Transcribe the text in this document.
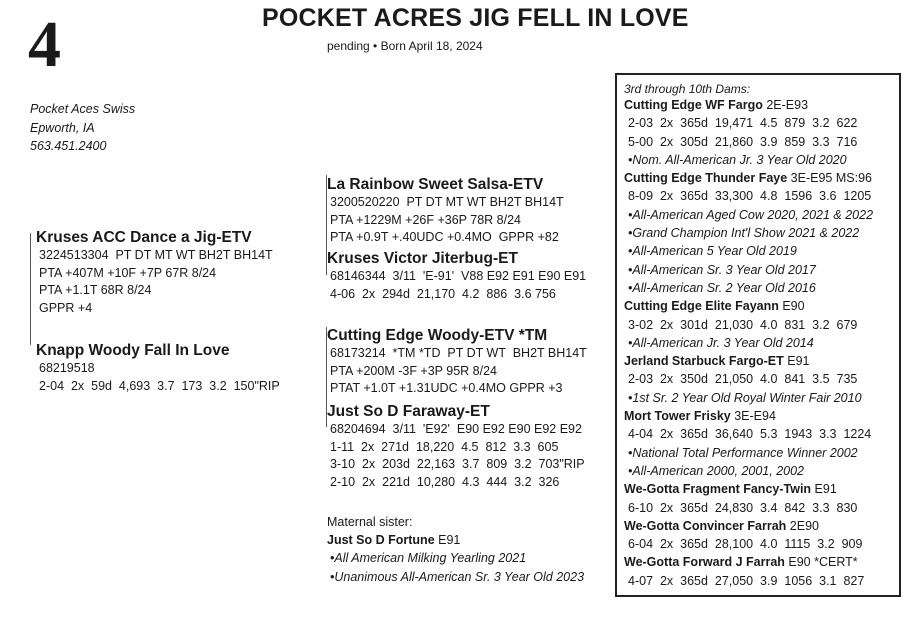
4	POCKET ACRES JIG FELL IN LOVE
pending • Born April 18, 2024
Pocket Aces Swiss
Epworth, IA
563.451.2400
Kruses ACC Dance a Jig-ETV
3224513304  PT DT MT WT BH2T BH14T
PTA +407M +10F +7P 67R 8/24
PTA +1.1T 68R 8/24
GPPR +4
Knapp Woody Fall In Love
68219518
2-04  2x  59d  4,693  3.7  173  3.2  150"RIP
La Rainbow Sweet Salsa-ETV
3200520220  PT DT MT WT BH2T BH14T
PTA +1229M +26F +36P 78R 8/24
PTA +0.9T +.40UDC +0.4MO  GPPR +82
Kruses Victor Jiterbug-ET
68146344  3/11  'E-91'  V88 E92 E91 E90 E91
4-06  2x  294d  21,170  4.2  886  3.6 756
Cutting Edge Woody-ETV *TM
68173214  *TM *TD  PT DT WT  BH2T BH14T
PTA +200M -3F +3P 95R 8/24
PTAT +1.0T +1.31UDC +0.4MO GPPR +3
Just So D Faraway-ET
68204694  3/11  'E92'  E90 E92 E90 E92 E92
1-11  2x  271d  18,220  4.5  812  3.3  605
3-10  2x  203d  22,163  3.7  809  3.2  703"RIP
2-10  2x  221d  10,280  4.3  444  3.2  326
Maternal sister:
Just So D Fortune E91
•All American Milking Yearling 2021
•Unanimous All-American Sr. 3 Year Old 2023
3rd through 10th Dams:
Cutting Edge WF Fargo 2E-E93
2-03  2x  365d  19,471  4.5  879  3.2  622
5-00  2x  305d  21,860  3.9  859  3.3  716
•Nom. All-American Jr. 3 Year Old 2020
Cutting Edge Thunder Faye 3E-E95 MS:96
8-09  2x  365d  33,300  4.8  1596  3.6  1205
•All-American Aged Cow 2020, 2021 & 2022
•Grand Champion Int'l Show 2021 & 2022
•All-American 5 Year Old 2019
•All-American Sr. 3 Year Old 2017
•All-American Sr. 2 Year Old 2016
Cutting Edge Elite Fayann E90
3-02  2x  301d  21,030  4.0  831  3.2  679
•All-American Jr. 3 Year Old 2014
Jerland Starbuck Fargo-ET E91
2-03  2x  350d  21,050  4.0  841  3.5  735
•1st Sr. 2 Year Old Royal Winter Fair 2010
Mort Tower Frisky 3E-E94
4-04  2x  365d  36,640  5.3  1943  3.3  1224
•National Total Performance Winner 2002
•All-American 2000, 2001, 2002
We-Gotta Fragment Fancy-Twin E91
6-10  2x  365d  24,830  3.4  842  3.3  830
We-Gotta Convincer Farrah 2E90
6-04  2x  365d  28,100  4.0  1115  3.2  909
We-Gotta Forward J Farrah E90 *CERT*
4-07  2x  365d  27,050  3.9  1056  3.1  827
